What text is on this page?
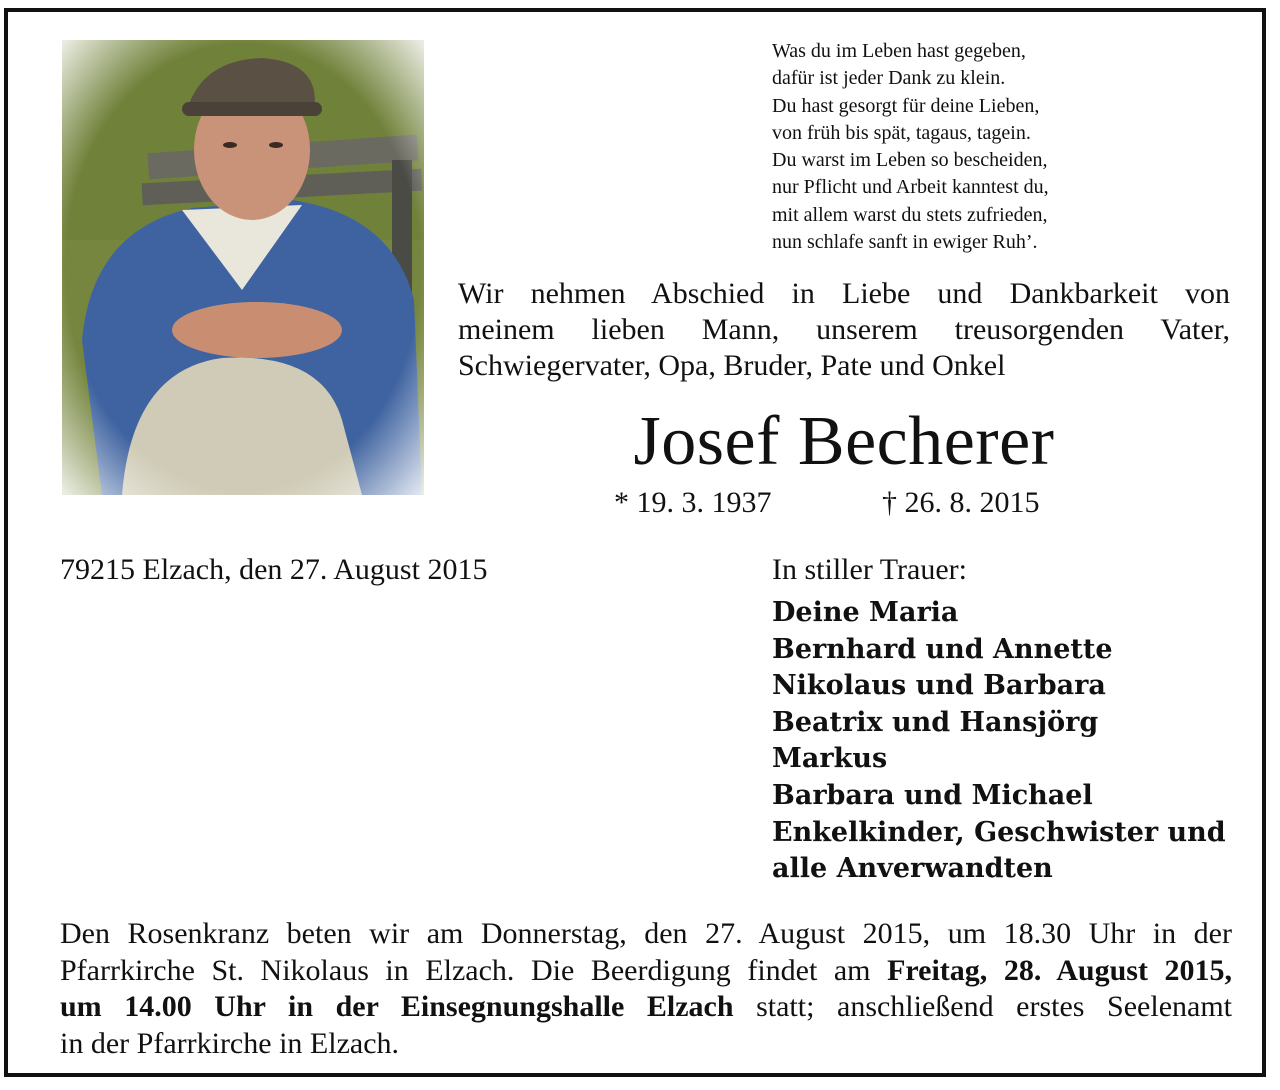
Was du im Leben hast gegeben,
dafür ist jeder Dank zu klein.
Du hast gesorgt für deine Lieben,
von früh bis spät, tagaus, tagein.
Du warst im Leben so bescheiden,
nur Pflicht und Arbeit kanntest du,
mit allem warst du stets zufrieden,
nun schlafe sanft in ewiger Ruh’.
Wir nehmen Abschied in Liebe und Dankbarkeit von
meinem lieben Mann, unserem treusorgenden Vater,
Schwiegervater, Opa, Bruder, Pate und Onkel
Josef Becherer
* 19. 3. 1937	† 26. 8. 2015
79215 Elzach, den 27. August 2015	In stiller Trauer:
Deine Maria
Bernhard und Annette
Nikolaus und Barbara
Beatrix und Hansjörg
Markus
Barbara und Michael
Enkelkinder, Geschwister und
alle Anverwandten
Den Rosenkranz beten wir am Donnerstag, den 27. August 2015, um 18.30 Uhr in der
Pfarrkirche St. Nikolaus in Elzach. Die Beerdigung findet am Freitag, 28. August 2015,
um 14.00 Uhr in der Einsegnungshalle Elzach statt; anschließend erstes Seelenamt
in der Pfarrkirche in Elzach.
